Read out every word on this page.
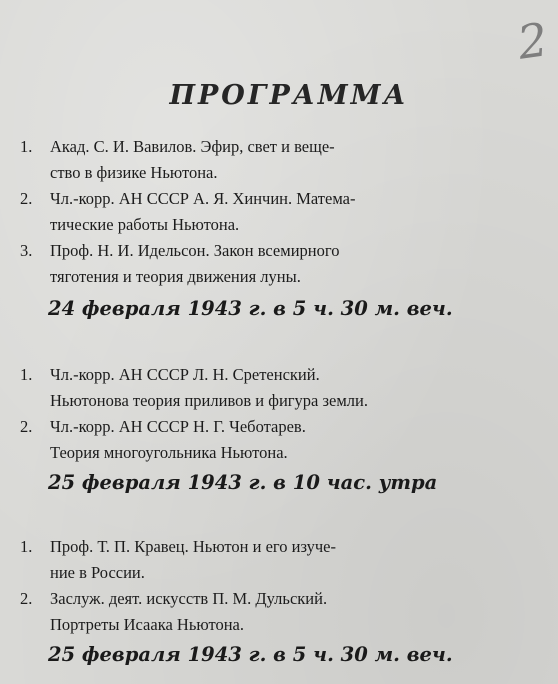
2
ПРОГРАММА
1. Акад. С. И. Вавилов. Эфир, свет и веще-
ство в физике Ньютона.
2. Чл.-корр. АН СССР А. Я. Хинчин. Матема-
тические работы Ньютона.
3. Проф. Н. И. Идельсон. Закон всемирного
тяготения и теория движения луны.
24 февраля 1943 г. в 5 ч. 30 м. веч.
1. Чл.-корр. АН СССР Л. Н. Сретенский.
Ньютонова теория приливов и фигура земли.
2. Чл.-корр. АН СССР Н. Г. Чеботарев.
Теория многоугольника Ньютона.
25 февраля 1943 г. в 10 час. утра
1. Проф. Т. П. Кравец. Ньютон и его изуче-
ние в России.
2. Заслуж. деят. искусств П. М. Дульский.
Портреты Исаака Ньютона.
25 февраля 1943 г. в 5 ч. 30 м. веч.
